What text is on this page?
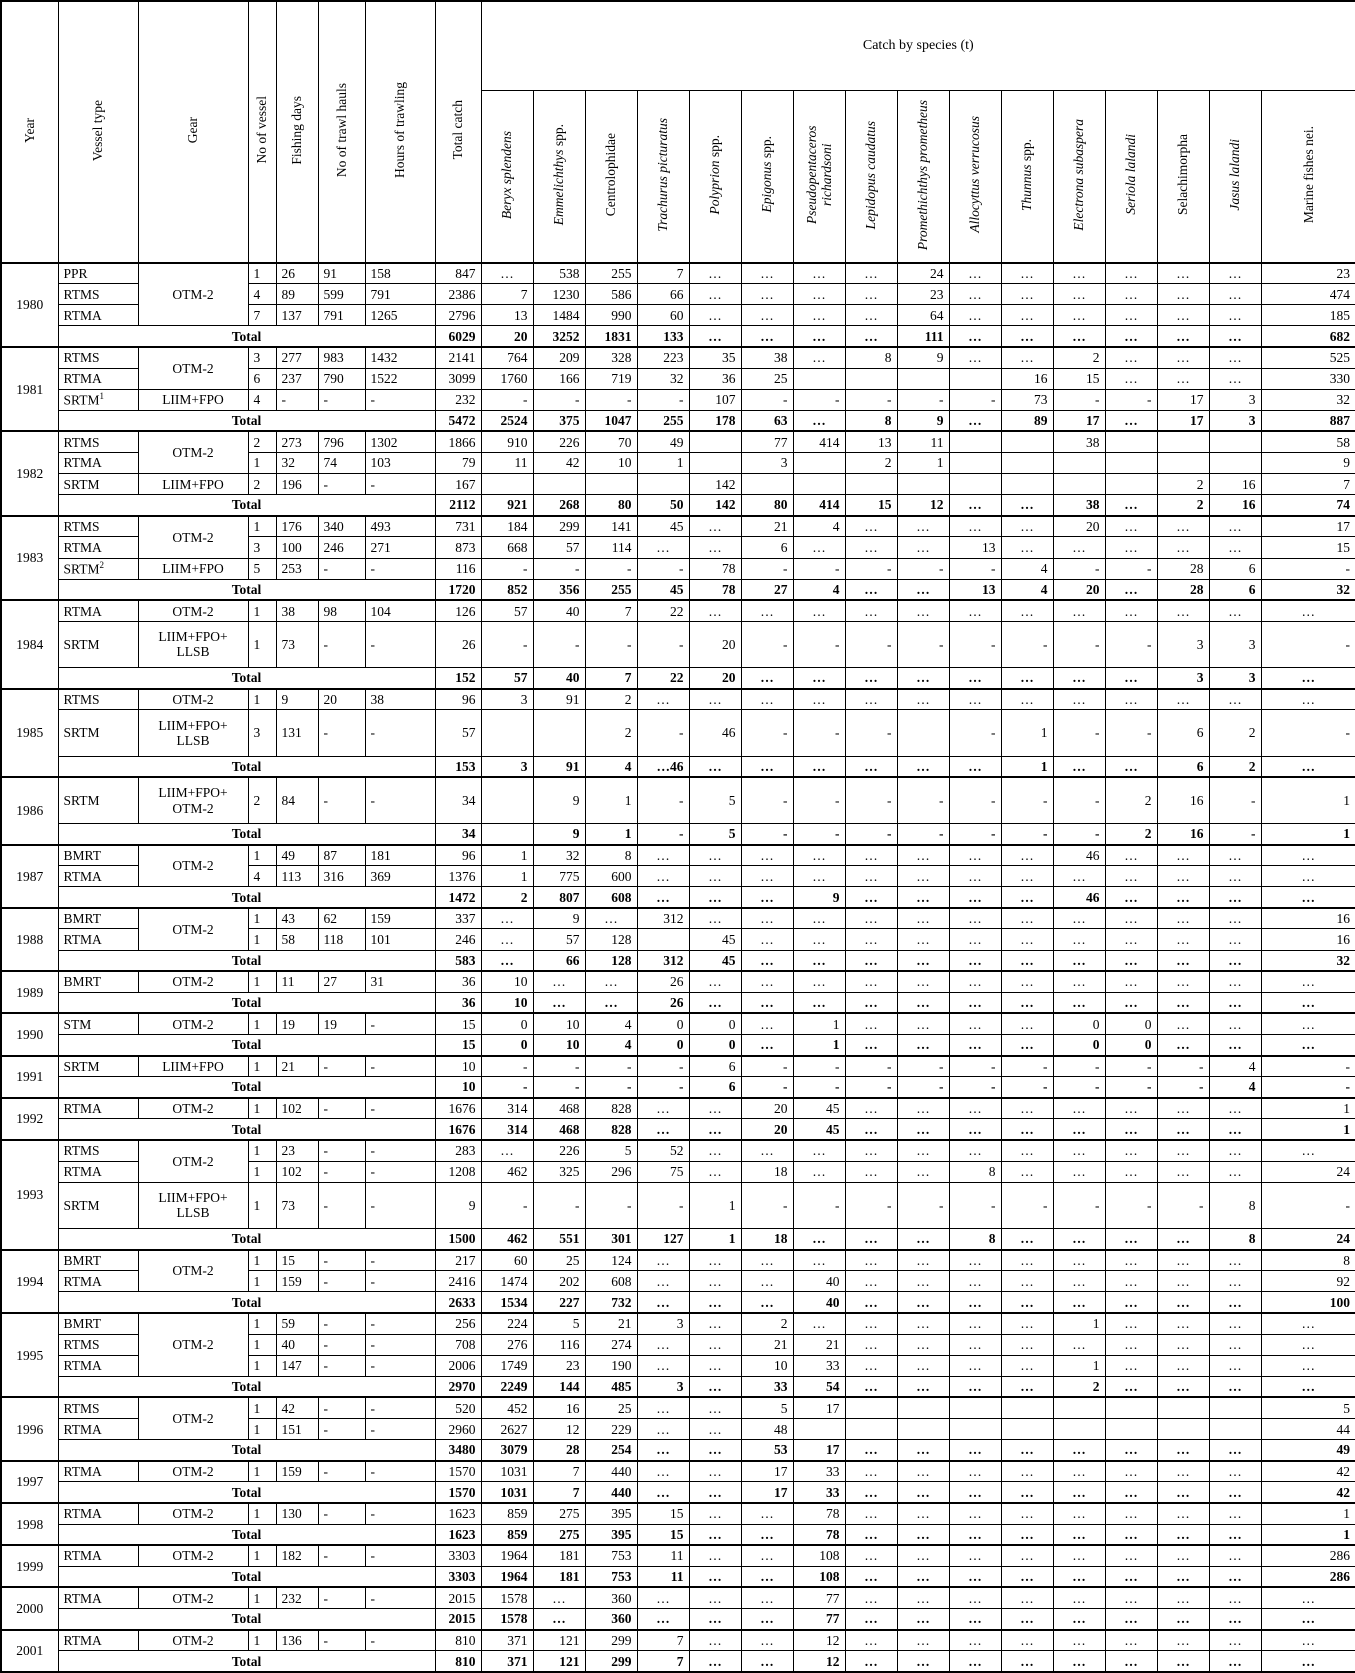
Year	Vessel type	Gear	No of vessel	Fishing days	No of trawl hauls	Hours of trawling	Total catch	Catch by species (t)															
								Beryx splendens	Emmelichthys spp.	Centrolophidae	Trachurus picturatus	Polyprion spp.	Epigonus spp.	Pseudopentaceros richardsoni	Lepidopus caudatus	Promethichthys prometheus	Allocyttus verrucosus	Thunnus spp.	Electrona subaspera	Seriola lalandi	Selachimorpha	Jasus lalandi	Marine fishes nei.
1980	PPR	OTM-2	1	26	91	158	847	…	538	255	7	…	…	…	…	24	…	…	…	…	…	…	23
	RTMS		4	89	599	791	2386	7	1230	586	66	…	…	…	…	23	…	…	…	…	…	…	474
	RTMA		7	137	791	1265	2796	13	1484	990	60	…	…	…	…	64	…	…	…	…	…	…	185
	Total						6029	20	3252	1831	133	…	…	…	…	111	…	…	…	…	…	…	682
1981	RTMS	OTM-2	3	277	983	1432	2141	764	209	328	223	35	38	…	8	9	…	…	2	…	…	…	525
	RTMA		6	237	790	1522	3099	1760	166	719	32	36	25					16	15	…	…	…	330
	SRTM$^1$	LIIM+FPO	4	-	-	-	232	-	-	-	-	107	-	-	-	-	-	73	-	-	17	3	32
	Total						5472	2524	375	1047	255	178	63	…	8	9	…	89	17	…	17	3	887
1982	RTMS	OTM-2	2	273	796	1302	1866	910	226	70	49		77	414	13	11			38				58
	RTMA		1	32	74	103	79	11	42	10	1		3		2	1							9
	SRTM	LIIM+FPO	2	196	-	-	167					142									2	16	7
	Total						2112	921	268	80	50	142	80	414	15	12	…	…	38	…	2	16	74
1983	RTMS	OTM-2	1	176	340	493	731	184	299	141	45	…	21	4	…	…	…	…	20	…	…	…	17
	RTMA		3	100	246	271	873	668	57	114	…	…	6	…	…	…	13	…	…	…	…	…	15
	SRTM$^2$	LIIM+FPO	5	253	-	-	116	-	-	-	-	78	-	-	-	-	-	4	-	-	28	6	-
	Total						1720	852	356	255	45	78	27	4	…	…	13	4	20	…	28	6	32
1984	RTMA	OTM-2	1	38	98	104	126	57	40	7	22	…	…	…	…	…	…	…	…	…	…	…	…
	SRTM	LIIM+FPO+ LLSB	1	73	-	-	26	-	-	-	-	20	-	-	-	-	-	-	-	-	3	3	-
	Total						152	57	40	7	22	20	…	…	…	…	…	…	…	…	3	3	…
1985	RTMS	OTM-2	1	9	20	38	96	3	91	2	…	…	…	…	…	…	…	…	…	…	…	…	…
	SRTM	LIIM+FPO+ LLSB	3	131	-	-	57			2	-	46	-	-	-		-	1	-	-	6	2	-
	Total						153	3	91	4	…46	…	…	…	…	…	…	1	…	…	6	2	…
1986	SRTM	LIIM+FPO+ OTM-2	2	84	-	-	34		9	1	-	5	-	-	-	-	-	-	-	2	16	-	1
	Total						34		9	1	-	5	-	-	-	-	-	-	-	2	16	-	1
1987	BMRT	OTM-2	1	49	87	181	96	1	32	8	…	…	…	…	…	…	…	…	46	…	…	…	…
	RTMA		4	113	316	369	1376	1	775	600	…	…	…	…	…	…	…	…	…	…	…	…	…
	Total						1472	2	807	608	…	…	…	9	…	…	…	…	46	…	…	…	…
1988	BMRT	OTM-2	1	43	62	159	337	…	9	…	312	…	…	…	…	…	…	…	…	…	…	…	16
	RTMA		1	58	118	101	246	…	57	128		45	…	…	…	…	…	…	…	…	…	…	16
	Total						583	…	66	128	312	45	…	…	…	…	…	…	…	…	…	…	32
1989	BMRT	OTM-2	1	11	27	31	36	10	…	…	26	…	…	…	…	…	…	…	…	…	…	…	…
	Total						36	10	…	…	26	…	…	…	…	…	…	…	…	…	…	…	…
1990	STM	OTM-2	1	19	19	-	15	0	10	4	0	0	…	1	…	…	…	…	0	0	…	…	…
	Total						15	0	10	4	0	0	…	1	…	…	…	…	0	0	…	…	…
1991	SRTM	LIIM+FPO	1	21	-	-	10	-	-	-	-	6	-	-	-	-	-	-	-	-	-	4	-
	Total						10	-	-	-	-	6	-	-	-	-	-	-	-	-	-	4	-
1992	RTMA	OTM-2	1	102	-	-	1676	314	468	828	…	…	20	45	…	…	…	…	…	…	…	…	1
	Total						1676	314	468	828	…	…	20	45	…	…	…	…	…	…	…	…	1
1993	RTMS	OTM-2	1	23	-	-	283	…	226	5	52	…	…	…	…	…	…	…	…	…	…	…	…
	RTMA		1	102	-	-	1208	462	325	296	75	…	18	…	…	…	8	…	…	…	…	…	24
	SRTM	LIIM+FPO+ LLSB	1	73	-	-	9	-	-	-	-	1	-	-	-	-	-	-	-	-	-	8	-
	Total						1500	462	551	301	127	1	18	…	…	…	8	…	…	…	…	8	24
1994	BMRT	OTM-2	1	15	-	-	217	60	25	124	…	…	…	…	…	…	…	…	…	…	…	…	8
	RTMA		1	159	-	-	2416	1474	202	608	…	…	…	40	…	…	…	…	…	…	…	…	92
	Total						2633	1534	227	732	…	…	…	40	…	…	…	…	…	…	…	…	100
1995	BMRT	OTM-2	1	59	-	-	256	224	5	21	3	…	2	…	…	…	…	…	1	…	…	…	…
	RTMS		1	40	-	-	708	276	116	274	…	…	21	21	…	…	…	…	…	…	…	…	…
	RTMA		1	147	-	-	2006	1749	23	190	…	…	10	33	…	…	…	…	1	…	…	…	…
	Total						2970	2249	144	485	3	…	33	54	…	…	…	…	2	…	…	…	…
1996	RTMS	OTM-2	1	42	-	-	520	452	16	25	…	…	5	17									5
	RTMA		1	151	-	-	2960	2627	12	229	…	…	48										44
	Total						3480	3079	28	254	…	…	53	17	…	…	…	…	…	…	…	…	49
1997	RTMA	OTM-2	1	159	-	-	1570	1031	7	440	…	…	17	33	…	…	…	…	…	…	…	…	42
	Total						1570	1031	7	440	…	…	17	33	…	…	…	…	…	…	…	…	42
1998	RTMA	OTM-2	1	130	-	-	1623	859	275	395	15	…	…	78	…	…	…	…	…	…	…	…	1
	Total						1623	859	275	395	15	…	…	78	…	…	…	…	…	…	…	…	1
1999	RTMA	OTM-2	1	182	-	-	3303	1964	181	753	11	…	…	108	…	…	…	…	…	…	…	…	286
	Total						3303	1964	181	753	11	…	…	108	…	…	…	…	…	…	…	…	286
2000	RTMA	OTM-2	1	232	-	-	2015	1578	…	360	…	…	…	77	…	…	…	…	…	…	…	…	…
	Total						2015	1578	…	360	…	…	…	77	…	…	…	…	…	…	…	…	…
2001	RTMA	OTM-2	1	136	-	-	810	371	121	299	7	…	…	12	…	…	…	…	…	…	…	…	…
	Total						810	371	121	299	7	…	…	12	…	…	…	…	…	…	…	…	…
